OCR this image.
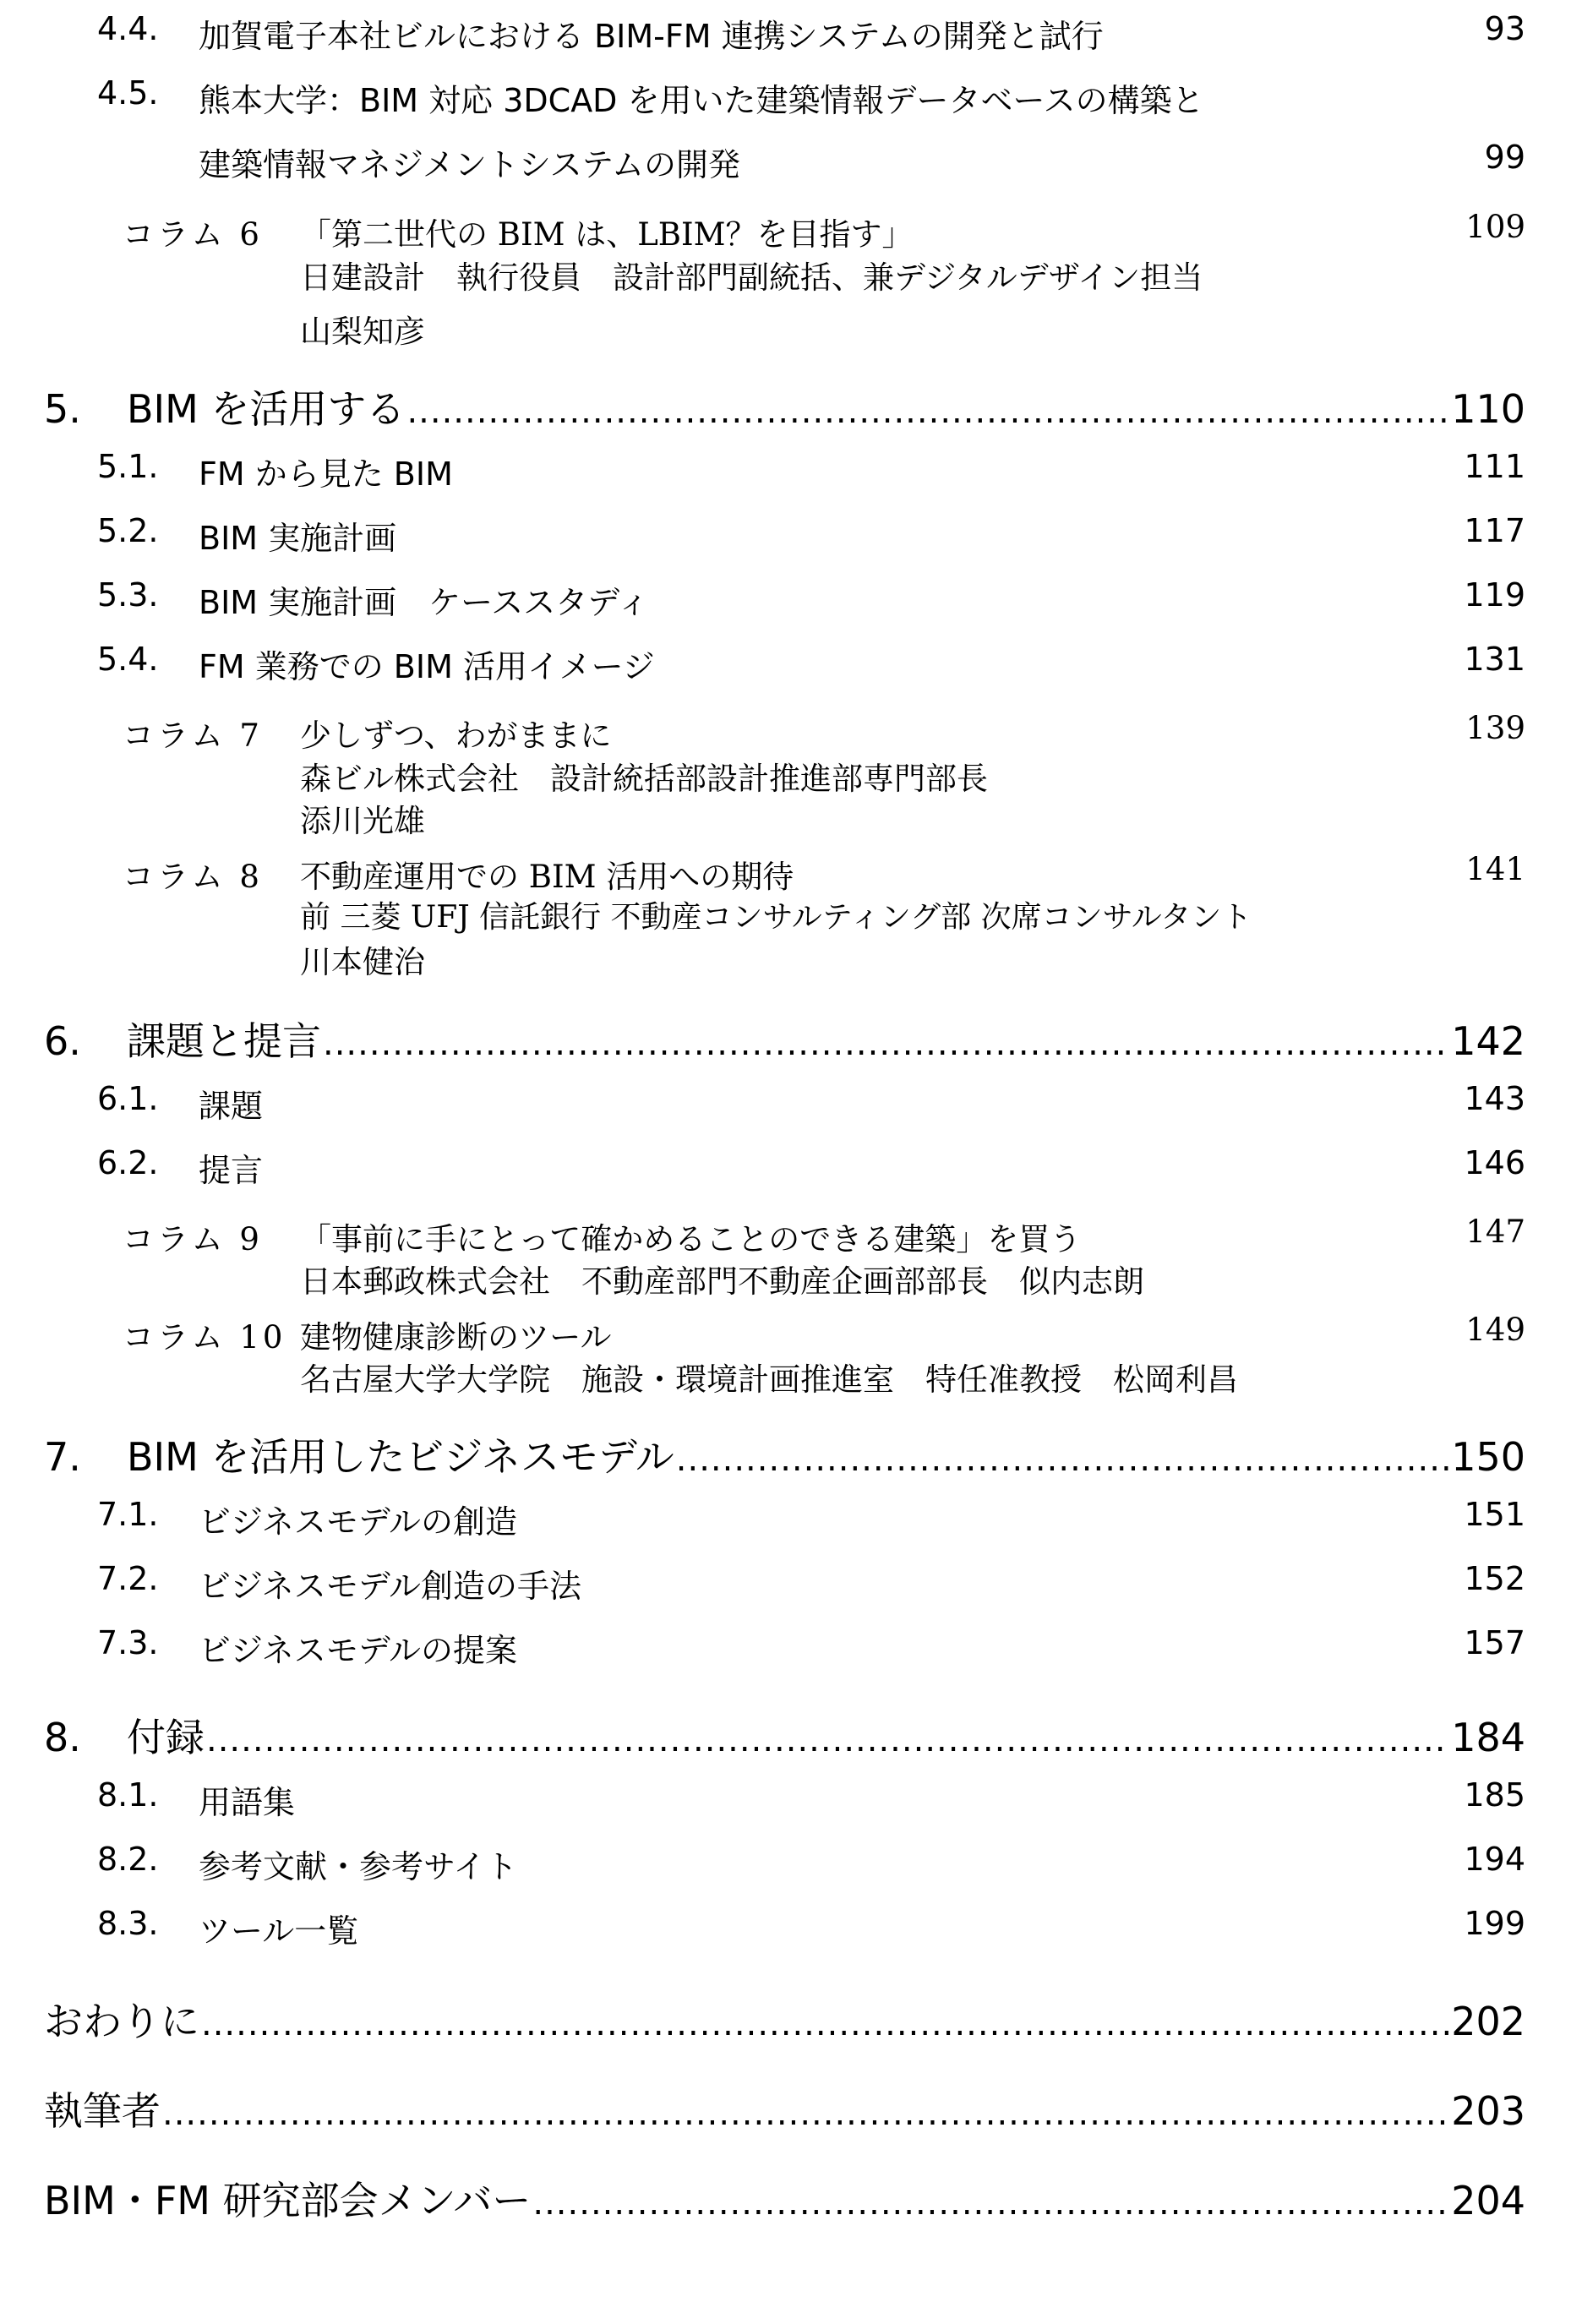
4.4. 加賀電子本社ビルにおける BIM-FM 連携システムの開発と試行	93
4.5. 熊本大学：BIM 対応 3DCAD を用いた建築情報データベースの構築と
建築情報マネジメントシステムの開発	99
コラム 6 「第二世代の BIM は、LBIM？を目指す」	109
日建設計　執行役員　設計部門副統括、兼デジタルデザイン担当
山梨知彦
5.	BIM を活用する .....	110
5.1. FM から見た BIM	111
5.2. BIM 実施計画	117
5.3. BIM 実施計画　ケーススタディ	119
5.4. FM 業務での BIM 活用イメージ	131
コラム 7 少しずつ、わがままに	139
森ビル株式会社　設計統括部設計推進部専門部長
添川光雄
コラム 8 不動産運用での BIM 活用への期待	141
前 三菱 UFJ 信託銀行 不動産コンサルティング部 次席コンサルタント
川本健治
6.	課題と提言 .....	142
6.1. 課題	143
6.2. 提言	146
コラム 9 「事前に手にとって確かめることのできる建築」を買う	147
日本郵政株式会社　不動産部門不動産企画部部長　似内志朗
コラム 10 建物健康診断のツール	149
名古屋大学大学院　施設・環境計画推進室　特任准教授　松岡利昌
7.	BIM を活用したビジネスモデル .....	150
7.1. ビジネスモデルの創造	151
7.2. ビジネスモデル創造の手法	152
7.3. ビジネスモデルの提案	157
8.	付録 .....	184
8.1. 用語集	185
8.2. 参考文献・参考サイト	194
8.3. ツール一覧	199
おわりに .....	202
執筆者 .....	203
BIM・FM 研究部会メンバー .....	204
